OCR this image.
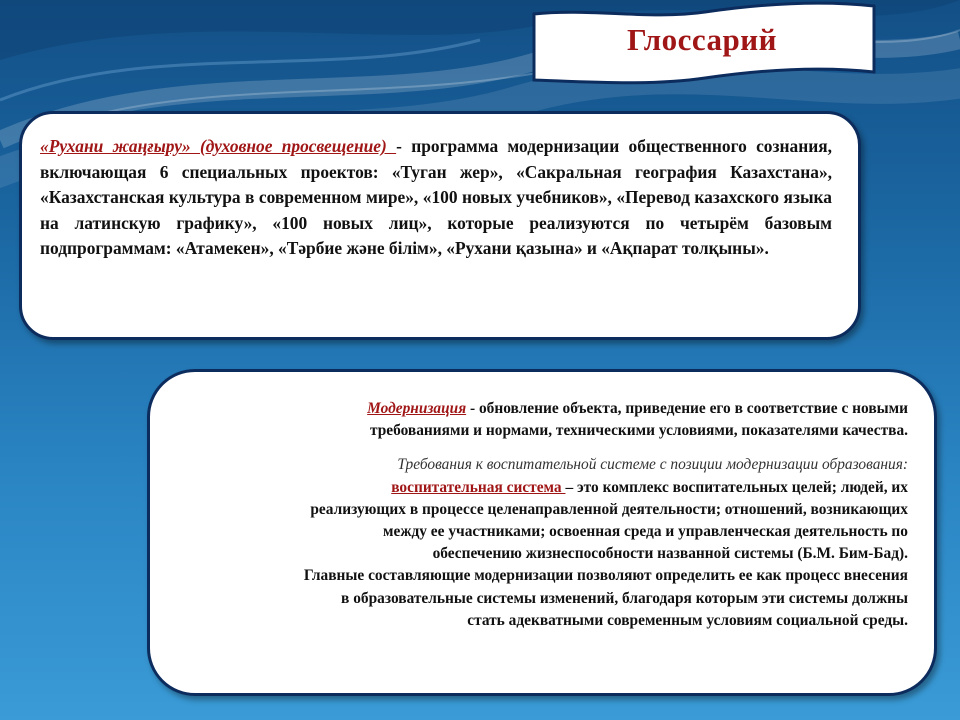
Глоссарий

«Рухани жаңғыру» (духовное просвещение) - программа модернизации общественного сознания, включающая 6 специальных проектов: «Туган жер», «Сакральная география Казахстана», «Казахстанская культура в современном мире», «100 новых учебников», «Перевод казахского языка на латинскую графику», «100 новых лиц», которые реализуются по четырём базовым подпрограммам: «Атамекен», «Тәрбие және білім», «Рухани қазына» и «Ақпарат толқыны».

Модернизация - обновление объекта, приведение его в соответствие с новыми
требованиями и нормами, техническими условиями, показателями качества.
Требования к воспитательной системе с позиции модернизации образования:
воспитательная система – это комплекс воспитательных целей; людей, их
реализующих в процессе целенаправленной деятельности; отношений, возникающих
между ее участниками; освоенная среда и управленческая деятельность по
обеспечению жизнеспособности названной системы (Б.М. Бим-Бад).
Главные составляющие модернизации позволяют определить ее как процесс внесения
в образовательные системы изменений, благодаря которым эти системы должны
стать адекватными современным условиям социальной среды.
